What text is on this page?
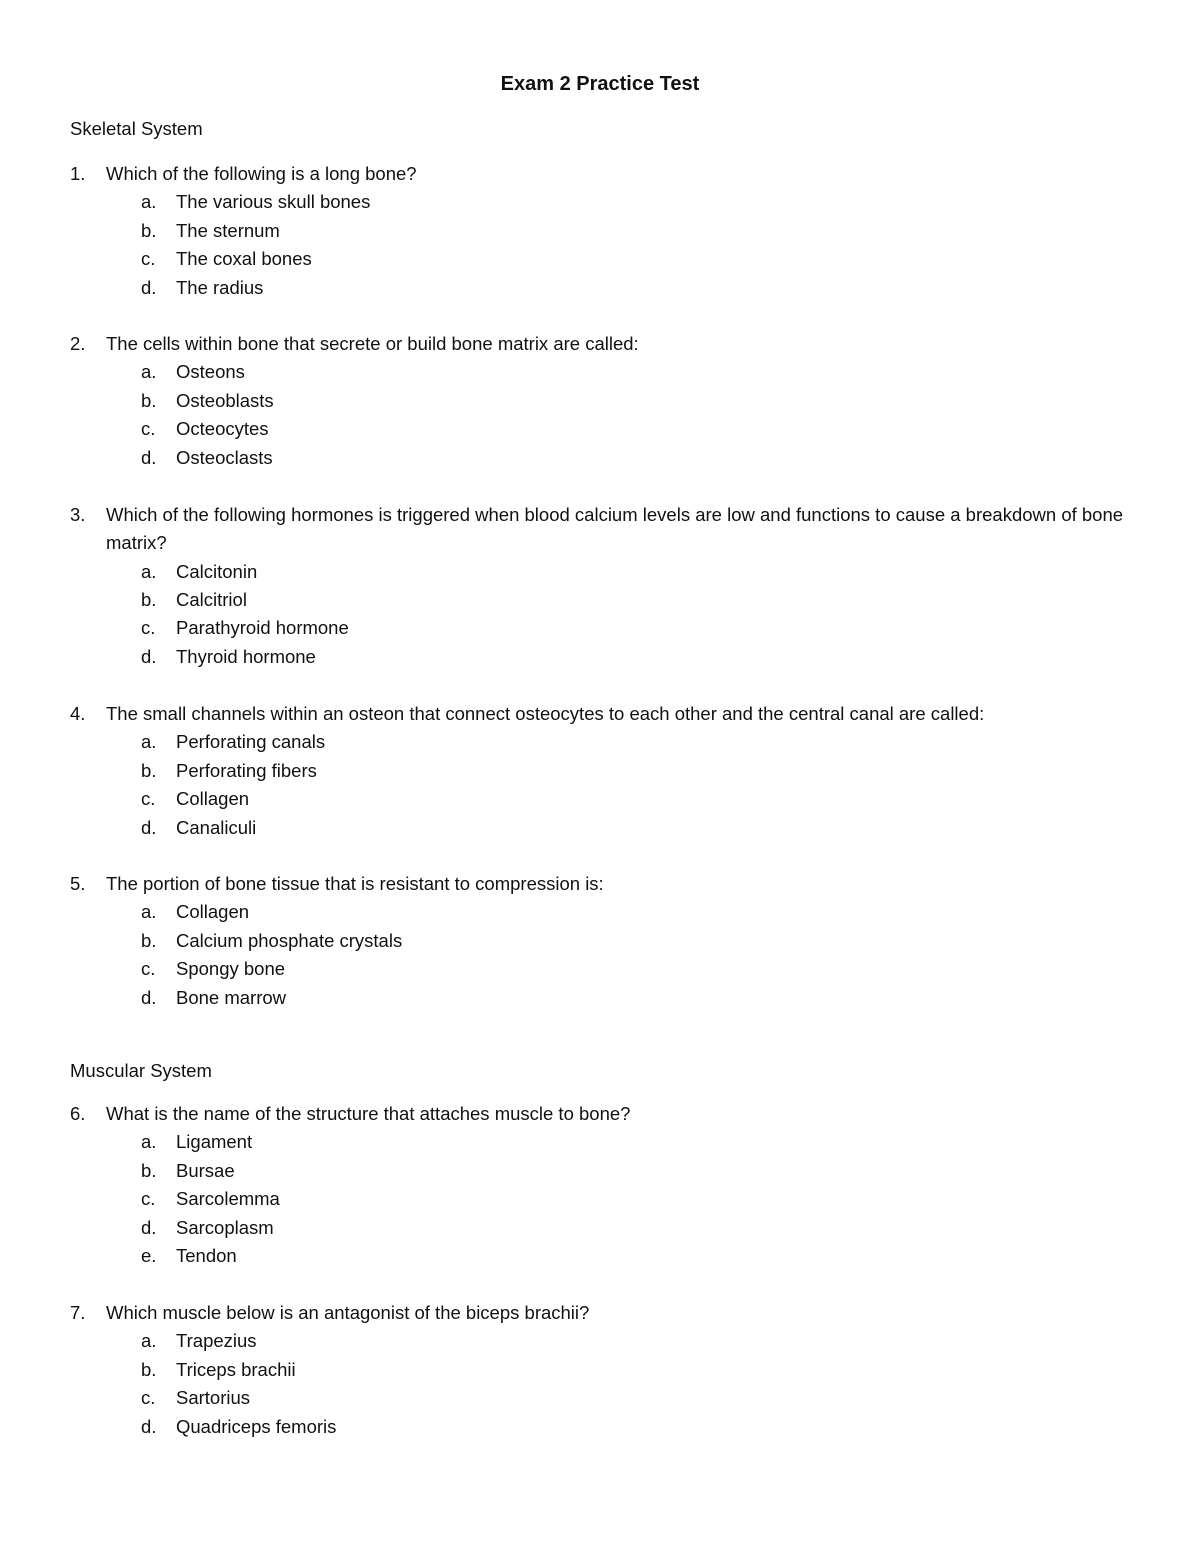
Exam 2 Practice Test
Skeletal System
1. Which of the following is a long bone?
a. The various skull bones
b. The sternum
c. The coxal bones
d. The radius
2. The cells within bone that secrete or build bone matrix are called:
a. Osteons
b. Osteoblasts
c. Octeocytes
d. Osteoclasts
3. Which of the following hormones is triggered when blood calcium levels are low and functions to cause a breakdown of bone matrix?
a. Calcitonin
b. Calcitriol
c. Parathyroid hormone
d. Thyroid hormone
4. The small channels within an osteon that connect osteocytes to each other and the central canal are called:
a. Perforating canals
b. Perforating fibers
c. Collagen
d. Canaliculi
5. The portion of bone tissue that is resistant to compression is:
a. Collagen
b. Calcium phosphate crystals
c. Spongy bone
d. Bone marrow
Muscular System
6. What is the name of the structure that attaches muscle to bone?
a. Ligament
b. Bursae
c. Sarcolemma
d. Sarcoplasm
e. Tendon
7. Which muscle below is an antagonist of the biceps brachii?
a. Trapezius
b. Triceps brachii
c. Sartorius
d. Quadriceps femoris
